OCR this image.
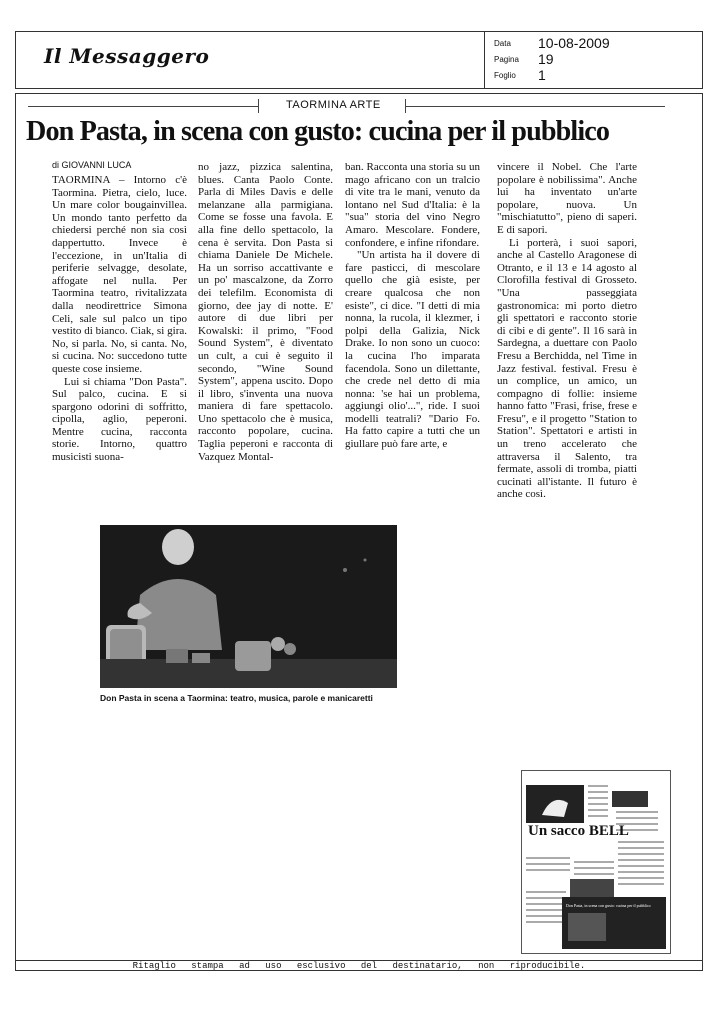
Il Messaggero
Data	10-08-2009
Pagina	19
Foglio	1
TAORMINA ARTE
Don Pasta, in scena con gusto: cucina per il pubblico
di GIOVANNI LUCA

TAORMINA – Intorno c'è Taormina. Pietra, cielo, luce. Un mare color bougainvillea. Un mondo tanto perfetto da chiedersi perché non sia così dappertutto. Invece è l'eccezione, in un'Italia di periferie selvagge, desolate, affogate nel nulla. Per Taormina teatro, rivitalizzata dalla neodirettrice Simona Celi, sale sul palco un tipo vestito di bianco. Ciak, si gira. No, si parla. No, si canta. No, si cucina. No: succedono tutte queste cose insieme.

Lui si chiama "Don Pasta". Sul palco, cucina. E si spargono odorini di soffritto, cipolla, aglio, peperoni. Mentre cucina, racconta storie. Intorno, quattro musicisti suona-

no jazz, pizzica salentina, blues. Canta Paolo Conte. Parla di Miles Davis e delle melanzane alla parmigiana. Come se fosse una favola. E alla fine dello spettacolo, la cena è servita. Don Pasta si chiama Daniele De Michele. Ha un sorriso accattivante e un po' mascalzone, da Zorro dei telefilm. Economista di giorno, dee jay di notte. E' autore di due libri per Kowalski: il primo, "Food Sound System", è diventato un cult, a cui è seguito il secondo, "Wine Sound System", appena uscito. Dopo il libro, s'inventa una nuova maniera di fare spettacolo. Uno spettacolo che è musica, racconto popolare, cucina. Taglia peperoni e racconta di Vazquez Montal-

ban. Racconta una storia su un mago africano con un tralcio di vite tra le mani, venuto da lontano nel Sud d'Italia: è la "sua" storia del vino Negro Amaro. Mescolare. Fondere, confondere, e infine rifondare.

"Un artista ha il dovere di fare pasticci, di mescolare quello che già esiste, per creare qualcosa che non esiste", ci dice. "I detti di mia nonna, la rucola, il klezmer, i polpi della Galizia, Nick Drake. Io non sono un cuoco: la cucina l'ho imparata facendola. Sono un dilettante, che crede nel detto di mia nonna: 'se hai un problema, aggiungi olio'...", ride. I suoi modelli teatrali? "Dario Fo. Ha fatto capire a tutti che un giullare può fare arte, e

vincere il Nobel. Che l'arte popolare è nobilissima". Anche lui ha inventato un'arte popolare, nuova. Un "mischiatutto", pieno di saperi. E di sapori.

Li porterà, i suoi sapori, anche al Castello Aragonese di Otranto, e il 13 e 14 agosto al Clorofilla festival di Grosseto. "Una passeggiata gastronomica: mi porto dietro gli spettatori e racconto storie di cibi e di gente". Il 16 sarà in Sardegna, a duettare con Paolo Fresu a Berchidda, nel Time in Jazz festival. festival. Fresu è un complice, un amico, un compagno di follie: insieme hanno fatto "Frasi, frise, frese e Fresu", e il progetto "Station to Station". Spettatori e artisti in un treno accelerato che attraversa il Salento, tra fermate, assoli di tromba, piatti cucinati all'istante. Il futuro è anche così.

Don Pasta in scena a Taormina: teatro, musica, parole e manicaretti
Un sacco BELL
Don Pasta, in scena con gusto: cucina per il pubblico
Ritaglio stampa ad uso esclusivo del destinatario, non riproducibile.
